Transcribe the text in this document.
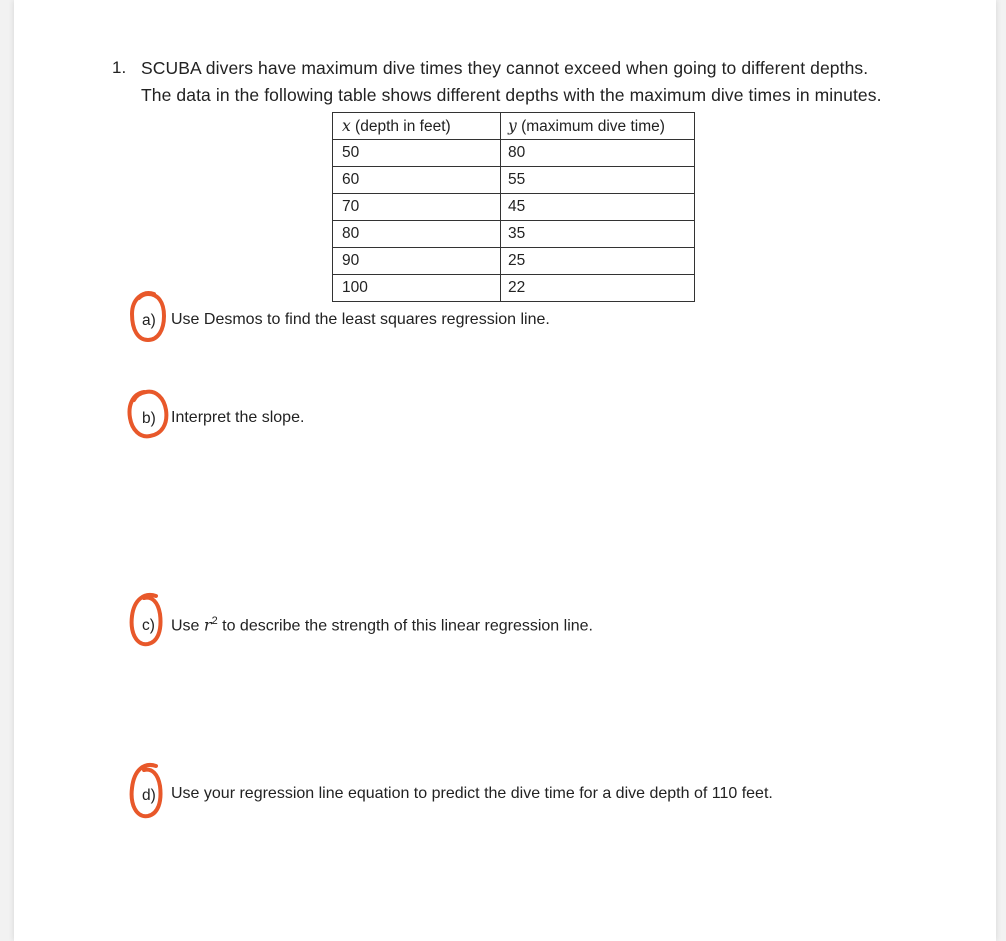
1. SCUBA divers have maximum dive times they cannot exceed when going to different depths.
The data in the following table shows different depths with the maximum dive times in minutes.
x (depth in feet)	y (maximum dive time)
50	80
60	55
70	45
80	35
90	25
100	22
a) Use Desmos to find the least squares regression line.
b) Interpret the slope.
c) Use $r^2$ to describe the strength of this linear regression line.
d) Use your regression line equation to predict the dive time for a dive depth of 110 feet.
